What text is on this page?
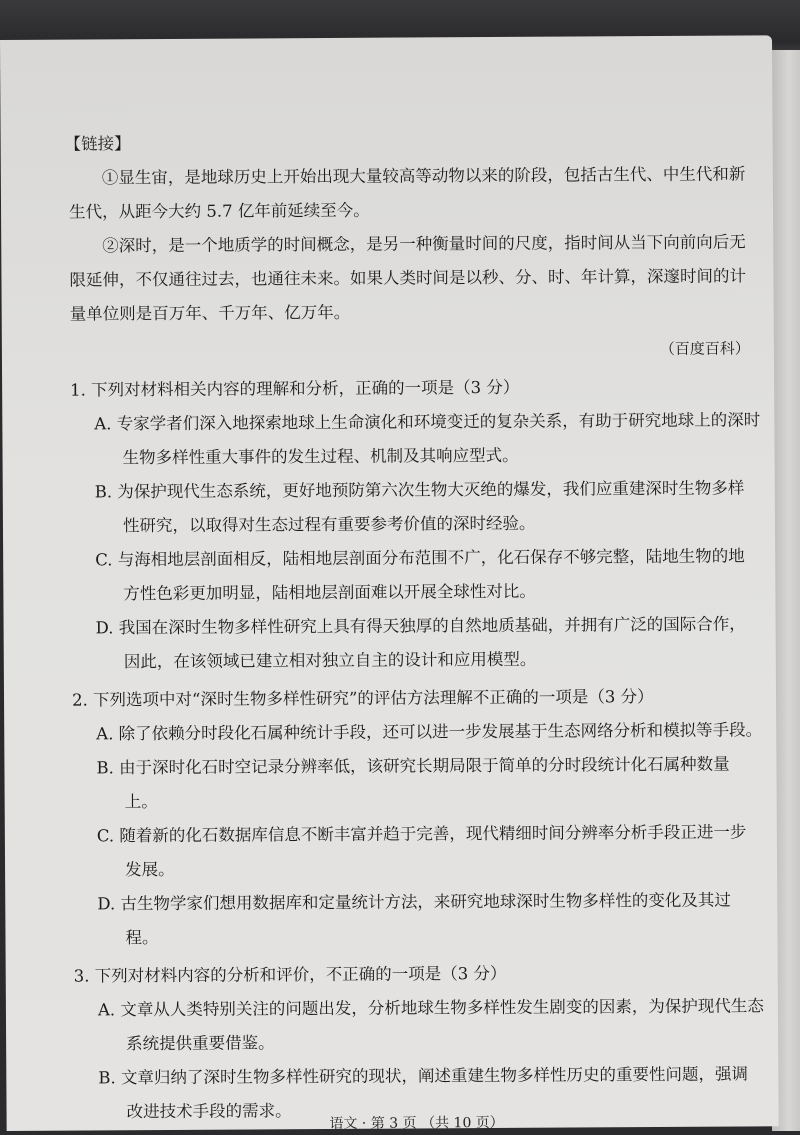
【链接】

①显生宙，是地球历史上开始出现大量较高等动物以来的阶段，包括古生代、中生代和新生代，从距今大约 5.7 亿年前延续至今。

②深时，是一个地质学的时间概念，是另一种衡量时间的尺度，指时间从当下向前向后无限延伸，不仅通往过去，也通往未来。如果人类时间是以秒、分、时、年计算，深邃时间的计量单位则是百万年、千万年、亿万年。

（百度百科）

1. 下列对材料相关内容的理解和分析，正确的一项是（3 分）

A. 专家学者们深入地探索地球上生命演化和环境变迁的复杂关系，有助于研究地球上的深时生物多样性重大事件的发生过程、机制及其响应型式。

B. 为保护现代生态系统，更好地预防第六次生物大灭绝的爆发，我们应重建深时生物多样性研究，以取得对生态过程有重要参考价值的深时经验。

C. 与海相地层剖面相反，陆相地层剖面分布范围不广，化石保存不够完整，陆地生物的地方性色彩更加明显，陆相地层剖面难以开展全球性对比。

D. 我国在深时生物多样性研究上具有得天独厚的自然地质基础，并拥有广泛的国际合作，因此，在该领域已建立相对独立自主的设计和应用模型。

2. 下列选项中对“深时生物多样性研究”的评估方法理解不正确的一项是（3 分）

A. 除了依赖分时段化石属种统计手段，还可以进一步发展基于生态网络分析和模拟等手段。

B. 由于深时化石时空记录分辨率低，该研究长期局限于简单的分时段统计化石属种数量上。

C. 随着新的化石数据库信息不断丰富并趋于完善，现代精细时间分辨率分析手段正进一步发展。

D. 古生物学家们想用数据库和定量统计方法，来研究地球深时生物多样性的变化及其过程。

3. 下列对材料内容的分析和评价，不正确的一项是（3 分）

A. 文章从人类特别关注的问题出发，分析地球生物多样性发生剧变的因素，为保护现代生态系统提供重要借鉴。

B. 文章归纳了深时生物多样性研究的现状，阐述重建生物多样性历史的重要性问题，强调改进技术手段的需求。

语文 · 第 3 页 （共 10 页）
